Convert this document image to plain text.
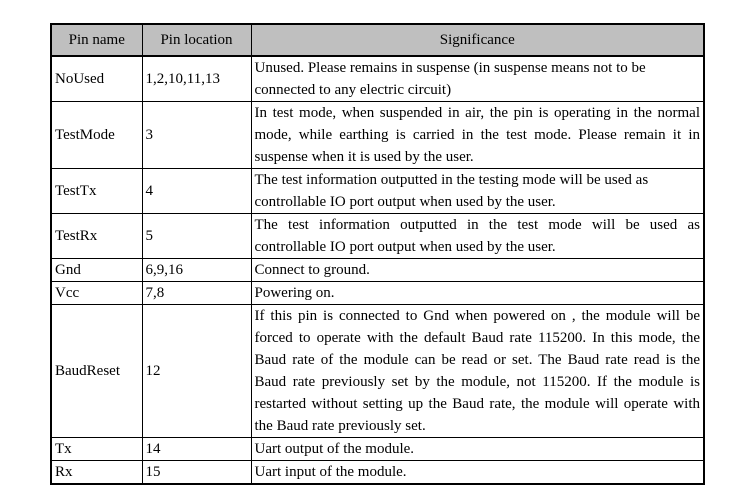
Pin name	Pin location	Significance
NoUsed	1,2,10,11,13	Unused. Please remains in suspense (in suspense means not to be connected to any electric circuit)
TestMode	3	In test mode, when suspended in air, the pin is operating in the normal mode, while earthing is carried in the test mode. Please remain it in suspense when it is used by the user.
TestTx	4	The test information outputted in the testing mode will be used as controllable IO port output when used by the user.
TestRx	5	The test information outputted in the test mode will be used as controllable IO port output when used by the user.
Gnd	6,9,16	Connect to ground.
Vcc	7,8	Powering on.
BaudReset	12	If this pin is connected to Gnd when powered on , the module will be forced to operate with the default Baud rate 115200. In this mode, the Baud rate of the module can be read or set. The Baud rate read is the Baud rate previously set by the module, not 115200. If the module is restarted without setting up the Baud rate, the module will operate with the Baud rate previously set.
Tx	14	Uart output of the module.
Rx	15	Uart input of the module.
